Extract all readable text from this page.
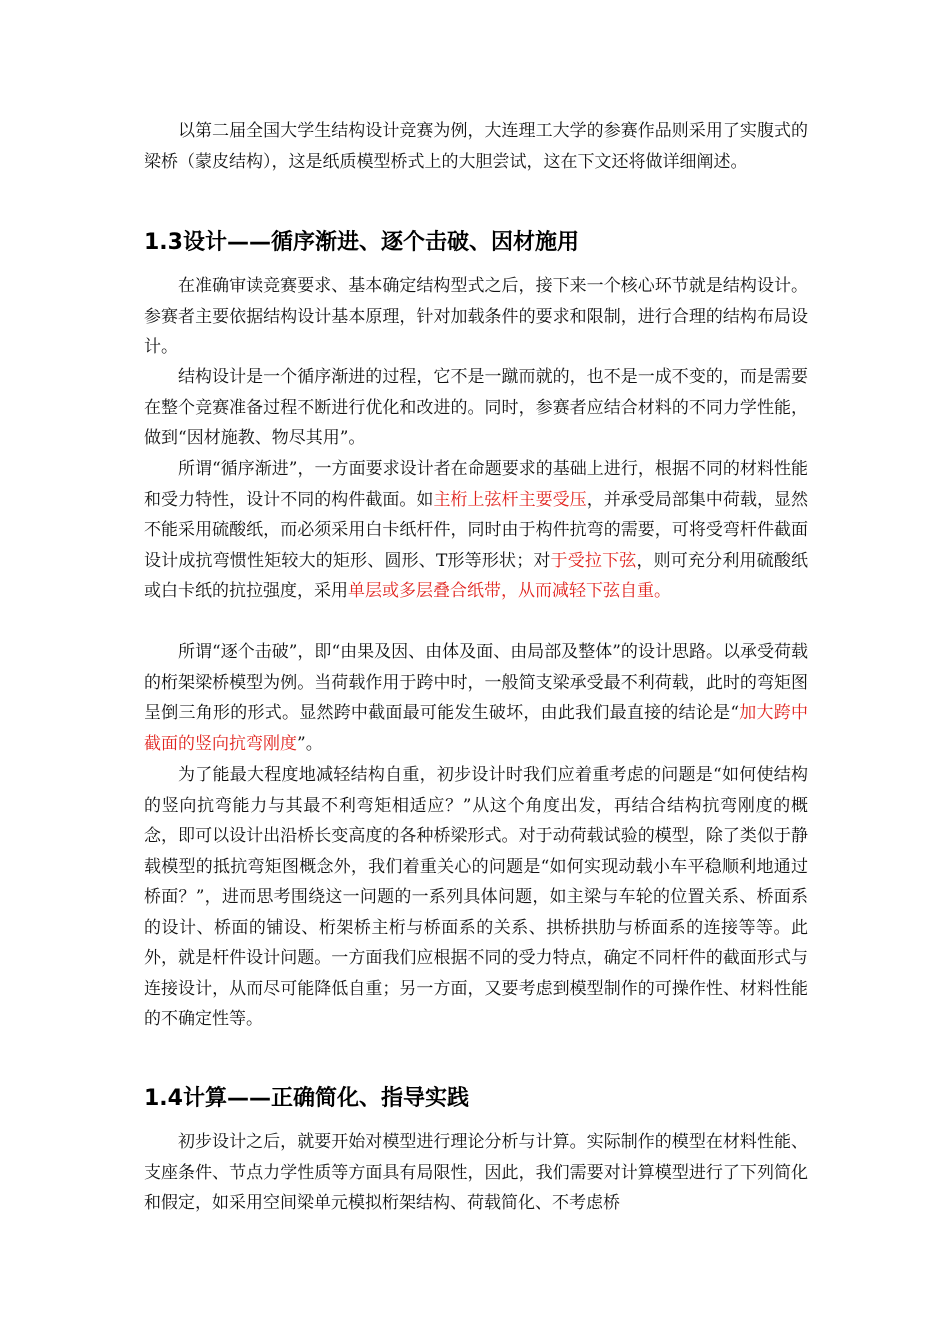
以第二届全国大学生结构设计竞赛为例，大连理工大学的参赛作品则采用了实腹式的梁桥（蒙皮结构），这是纸质模型桥式上的大胆尝试，这在下文还将做详细阐述。

1.3设计——循序渐进、逐个击破、因材施用

在准确审读竞赛要求、基本确定结构型式之后，接下来一个核心环节就是结构设计。参赛者主要依据结构设计基本原理，针对加载条件的要求和限制，进行合理的结构布局设计。

结构设计是一个循序渐进的过程，它不是一蹴而就的，也不是一成不变的，而是需要在整个竞赛准备过程不断进行优化和改进的。同时，参赛者应结合材料的不同力学性能，做到“因材施教、物尽其用”。

所谓“循序渐进”，一方面要求设计者在命题要求的基础上进行，根据不同的材料性能和受力特性，设计不同的构件截面。如主桁上弦杆主要受压，并承受局部集中荷载，显然不能采用硫酸纸，而必须采用白卡纸杆件，同时由于构件抗弯的需要，可将受弯杆件截面设计成抗弯惯性矩较大的矩形、圆形、T形等形状；对于受拉下弦，则可充分利用硫酸纸或白卡纸的抗拉强度，采用单层或多层叠合纸带，从而减轻下弦自重。

所谓“逐个击破”，即“由果及因、由体及面、由局部及整体”的设计思路。以承受荷载的桁架梁桥模型为例。当荷载作用于跨中时，一般简支梁承受最不利荷载，此时的弯矩图呈倒三角形的形式。显然跨中截面最可能发生破坏，由此我们最直接的结论是“加大跨中截面的竖向抗弯刚度”。

为了能最大程度地减轻结构自重，初步设计时我们应着重考虑的问题是“如何使结构的竖向抗弯能力与其最不利弯矩相适应？”从这个角度出发，再结合结构抗弯刚度的概念，即可以设计出沿桥长变高度的各种桥梁形式。对于动荷载试验的模型，除了类似于静载模型的抵抗弯矩图概念外，我们着重关心的问题是“如何实现动载小车平稳顺利地通过桥面？”，进而思考围绕这一问题的一系列具体问题，如主梁与车轮的位置关系、桥面系的设计、桥面的铺设、桁架桥主桁与桥面系的关系、拱桥拱肋与桥面系的连接等等。此外，就是杆件设计问题。一方面我们应根据不同的受力特点，确定不同杆件的截面形式与连接设计，从而尽可能降低自重；另一方面，又要考虑到模型制作的可操作性、材料性能的不确定性等。

1.4计算——正确简化、指导实践

初步设计之后，就要开始对模型进行理论分析与计算。实际制作的模型在材料性能、支座条件、节点力学性质等方面具有局限性，因此，我们需要对计算模型进行了下列简化和假定，如采用空间梁单元模拟桁架结构、荷载简化、不考虑桥
